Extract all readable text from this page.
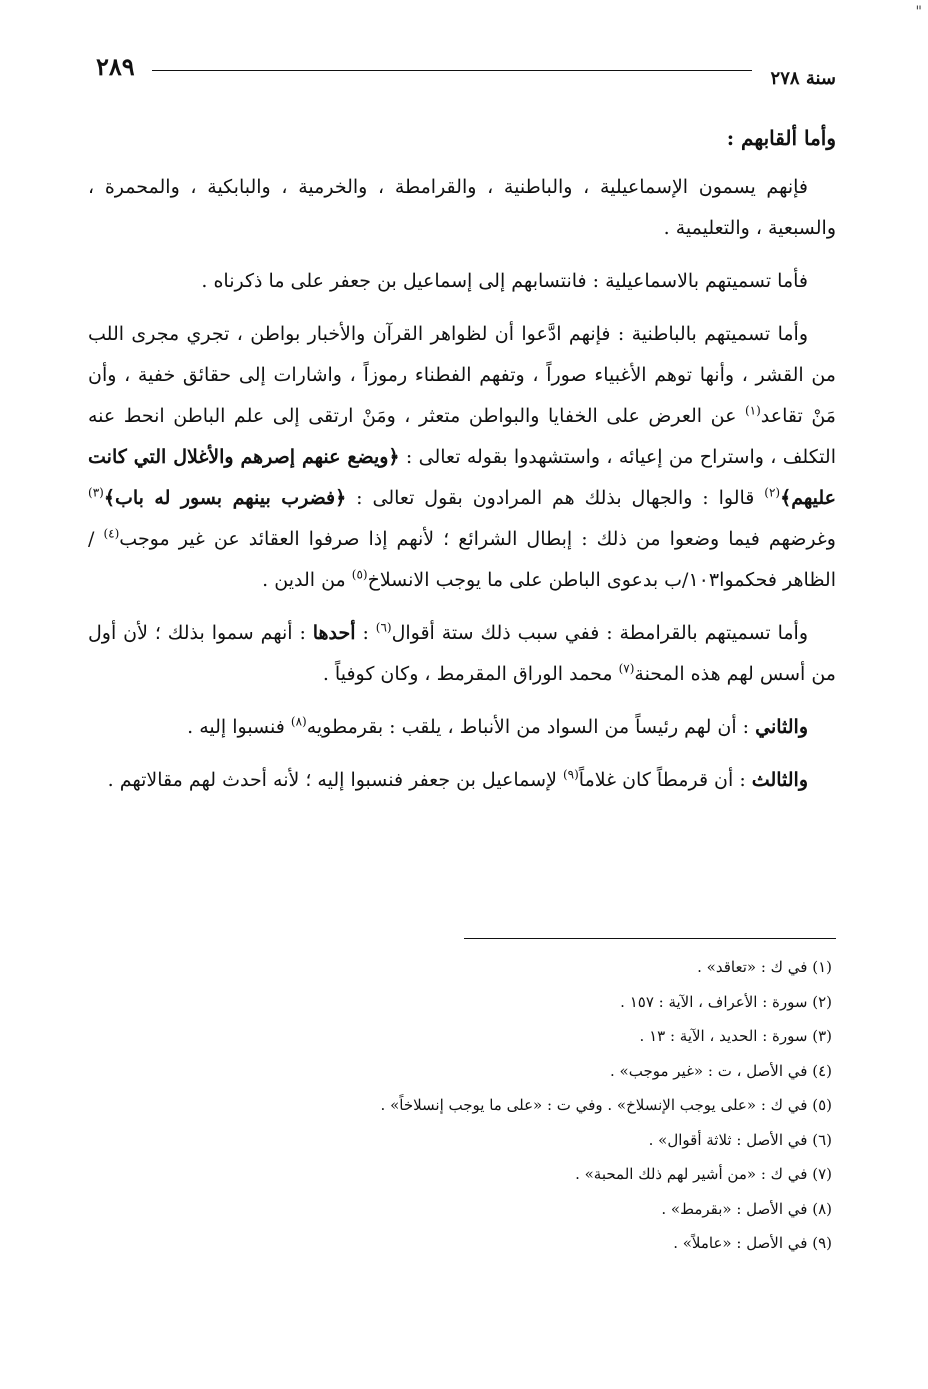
"
سنة ٢٧٨
٢٨٩

وأما ألقابهم :

فإنهم يسمون الإسماعيلية ، والباطنية ، والقرامطة ، والخرمية ، والبابكية ، والمحمرة ، والسبعية ، والتعليمية .

فأما تسميتهم بالاسماعيلية : فانتسابهم إلى إسماعيل بن جعفر على ما ذكرناه .

وأما تسميتهم بالباطنية : فإنهم ادَّعوا أن لظواهر القرآن والأخبار بواطن ، تجري مجرى اللب من القشر ، وأنها توهم الأغبياء صوراً ، وتفهم الفطناء رموزاً ، واشارات إلى حقائق خفية ، وأن مَنْ تقاعد$^{(١)}$ عن العرض على الخفايا والبواطن متعثر ، ومَنْ ارتقى إلى علم الباطن انحط عنه التكلف ، واستراح من إعيائه ، واستشهدوا بقوله تعالى : ﴿ويضع عنهم إصرهم والأغلال التي كانت عليهم﴾$^{(٢)}$ قالوا : والجهال بذلك هم المرادون بقول تعالى : ﴿فضرب بينهم بسور له باب﴾$^{(٣)}$ وغرضهم فيما وضعوا من ذلك : إبطال الشرائع ؛ لأنهم إذا صرفوا العقائد عن غير موجب$^{(٤)}$ / الظاهر فحكموا١٠٣/ب بدعوى الباطن على ما يوجب الانسلاخ$^{(٥)}$ من الدين .

وأما تسميتهم بالقرامطة : ففي سبب ذلك ستة أقوال$^{(٦)}$ : أحدها : أنهم سموا بذلك ؛ لأن أول من أسس لهم هذه المحنة$^{(٧)}$ محمد الوراق المقرمط ، وكان كوفياً .

والثاني : أن لهم رئيساً من السواد من الأنباط ، يلقب : بقرمطويه$^{(٨)}$ فنسبوا إليه .

والثالث : أن قرمطاً كان غلاماً$^{(٩)}$ لإسماعيل بن جعفر فنسبوا إليه ؛ لأنه أحدث لهم مقالاتهم .

(١) في ك : «تعاقد» .
(٢) سورة : الأعراف ، الآية : ١٥٧ .
(٣) سورة : الحديد ، الآية : ١٣ .
(٤) في الأصل ، ت : «غير موجب» .
(٥) في ك : «على يوجب الإنسلاخ» . وفي ت : «على ما يوجب إنسلاخاً» .
(٦) في الأصل : ثلاثة أقوال» .
(٧) في ك : «من أشير لهم ذلك المحبة» .
(٨) في الأصل : «بقرمط» .
(٩) في الأصل : «عاملاً» .
